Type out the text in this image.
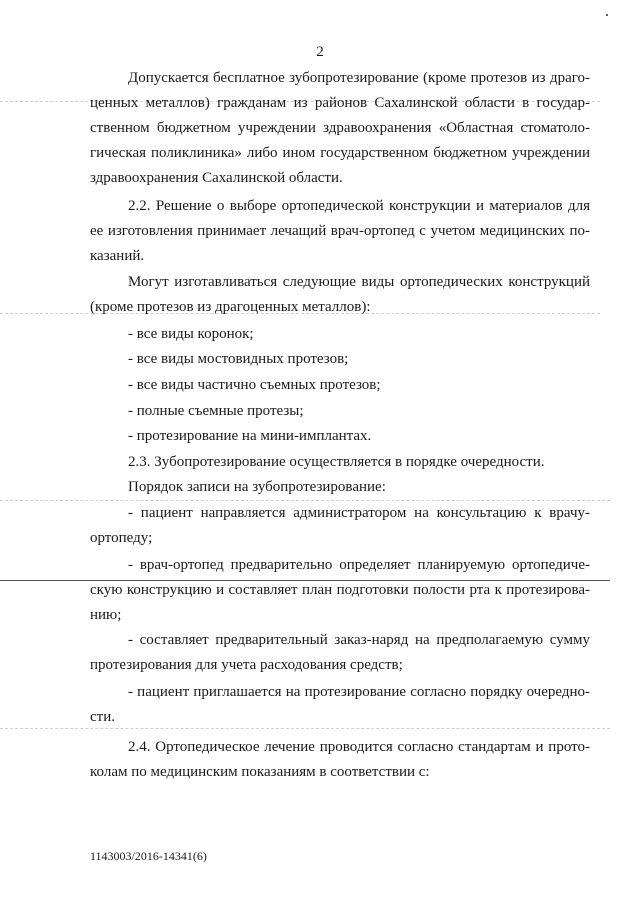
2
Допускается бесплатное зубопротезирование (кроме протезов из драго-
ценных металлов) гражданам из районов Сахалинской области в государ-
ственном бюджетном учреждении здравоохранения «Областная стоматоло-
гическая поликлиника» либо ином государственном бюджетном учреждении
здравоохранения Сахалинской области.
2.2. Решение о выборе ортопедической конструкции и материалов для
ее изготовления принимает лечащий врач-ортопед с учетом медицинских по-
казаний.
Могут изготавливаться следующие виды ортопедических конструкций
(кроме протезов из драгоценных металлов):
- все виды коронок;
- все виды мостовидных протезов;
- все виды частично съемных протезов;
- полные съемные протезы;
- протезирование на мини-имплантах.
2.3. Зубопротезирование осуществляется в порядке очередности.
Порядок записи на зубопротезирование:
- пациент направляется администратором на консультацию к врачу-
ортопеду;
- врач-ортопед предварительно определяет планируемую ортопедиче-
скую конструкцию и составляет план подготовки полости рта к протезирова-
нию;
- составляет предварительный заказ-наряд на предполагаемую сумму
протезирования для учета расходования средств;
- пациент приглашается на протезирование согласно порядку очередно-
сти.
2.4. Ортопедическое лечение проводится согласно стандартам и прото-
колам по медицинским показаниям в соответствии с:
1143003/2016-14341(6)
